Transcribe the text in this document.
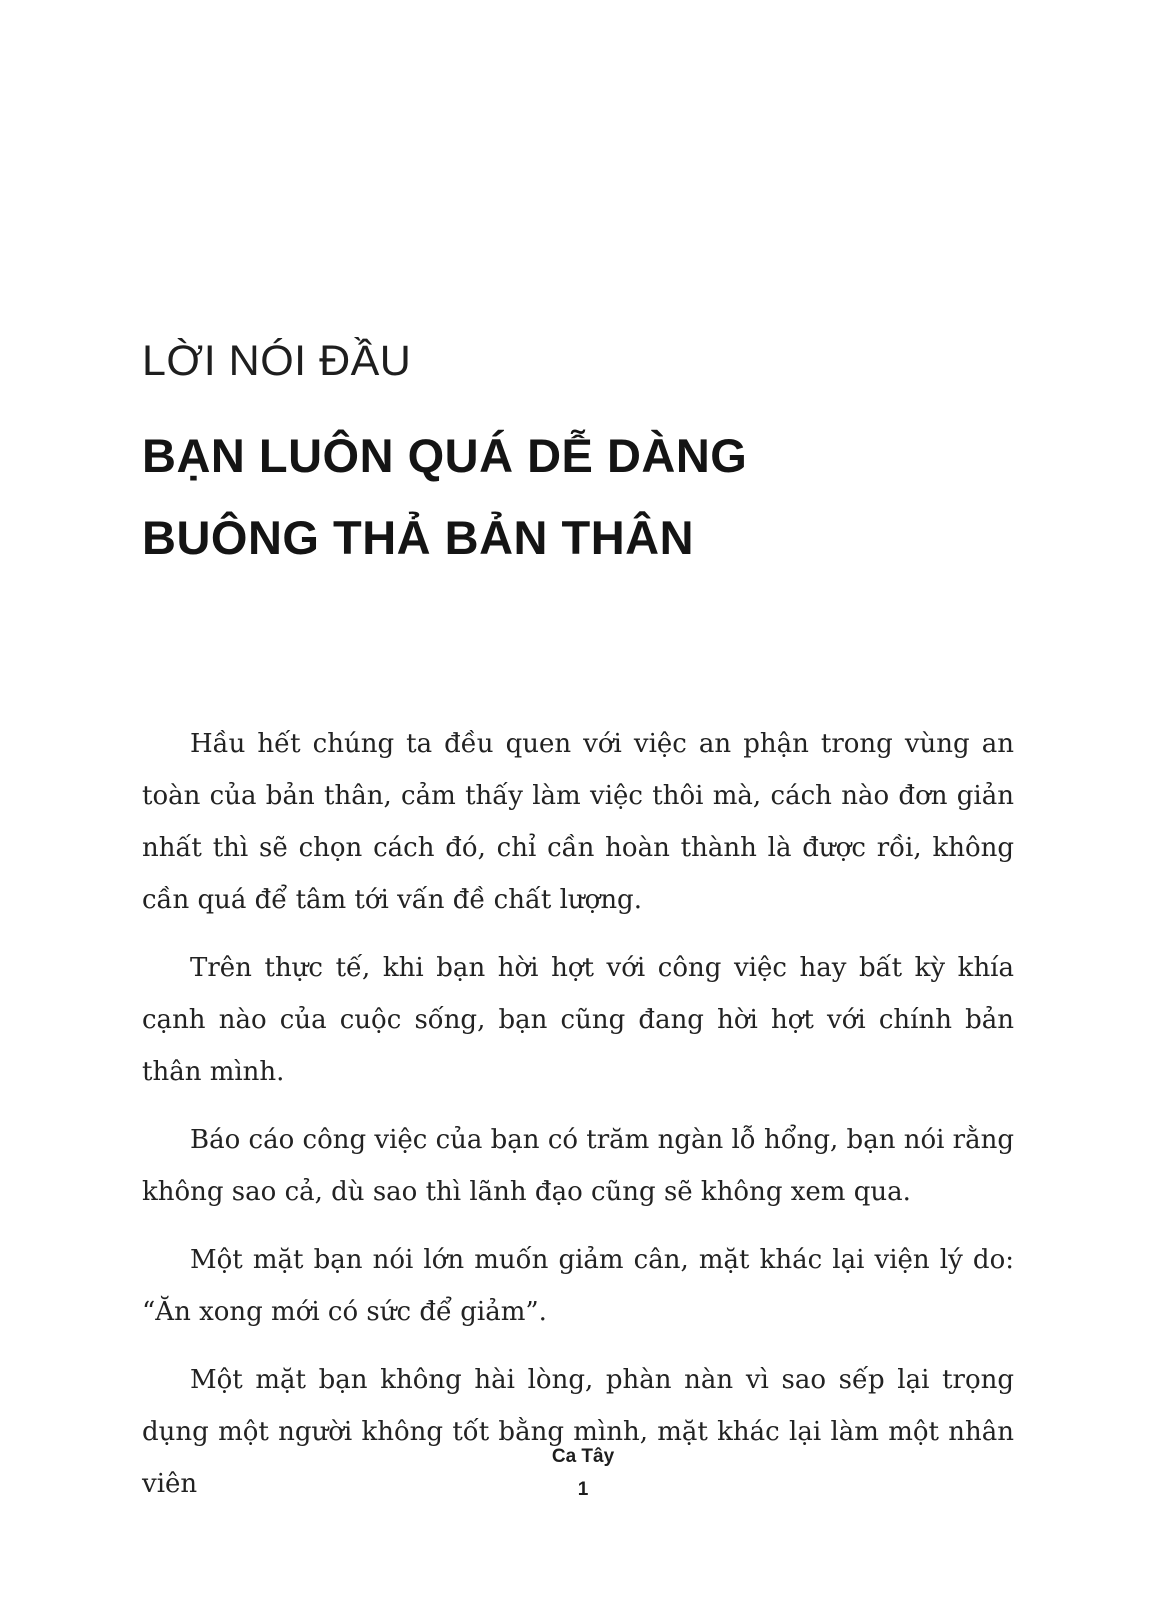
LỜI NÓI ĐẦU
BẠN LUÔN QUÁ DỄ DÀNG
BUÔNG THẢ BẢN THÂN

Hầu hết chúng ta đều quen với việc an phận trong vùng an toàn của bản thân, cảm thấy làm việc thôi mà, cách nào đơn giản nhất thì sẽ chọn cách đó, chỉ cần hoàn thành là được rồi, không cần quá để tâm tới vấn đề chất lượng.

Trên thực tế, khi bạn hời hợt với công việc hay bất kỳ khía cạnh nào của cuộc sống, bạn cũng đang hời hợt với chính bản thân mình.

Báo cáo công việc của bạn có trăm ngàn lỗ hổng, bạn nói rằng không sao cả, dù sao thì lãnh đạo cũng sẽ không xem qua.

Một mặt bạn nói lớn muốn giảm cân, mặt khác lại viện lý do: “Ăn xong mới có sức để giảm”.

Một mặt bạn không hài lòng, phàn nàn vì sao sếp lại trọng dụng một người không tốt bằng mình, mặt khác lại làm một nhân viên

Ca Tây
1
